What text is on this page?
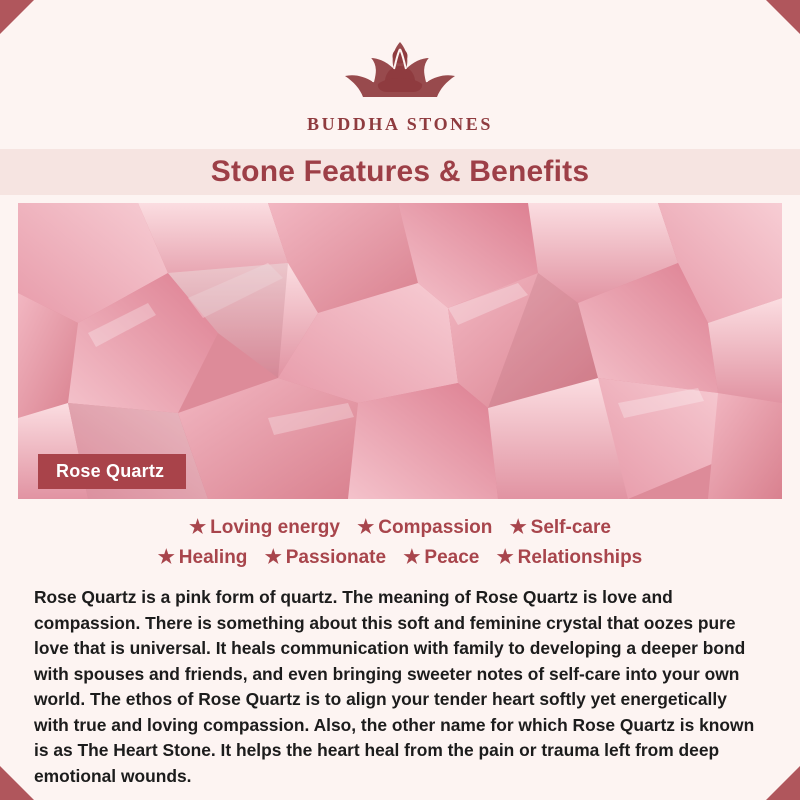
BUDDHA STONES
Stone Features & Benefits
Rose Quartz
★ Loving energy ★ Compassion ★ Self-care
★ Healing ★ Passionate ★ Peace ★ Relationships
Rose Quartz is a pink form of quartz. The meaning of Rose Quartz is love and compassion. There is something about this soft and feminine crystal that oozes pure love that is universal. It heals communication with family to developing a deeper bond with spouses and friends, and even bringing sweeter notes of self-care into your own world. The ethos of Rose Quartz is to align your tender heart softly yet energetically with true and loving compassion. Also, the other name for which Rose Quartz is known is as The Heart Stone. It helps the heart heal from the pain or trauma left from deep emotional wounds.
